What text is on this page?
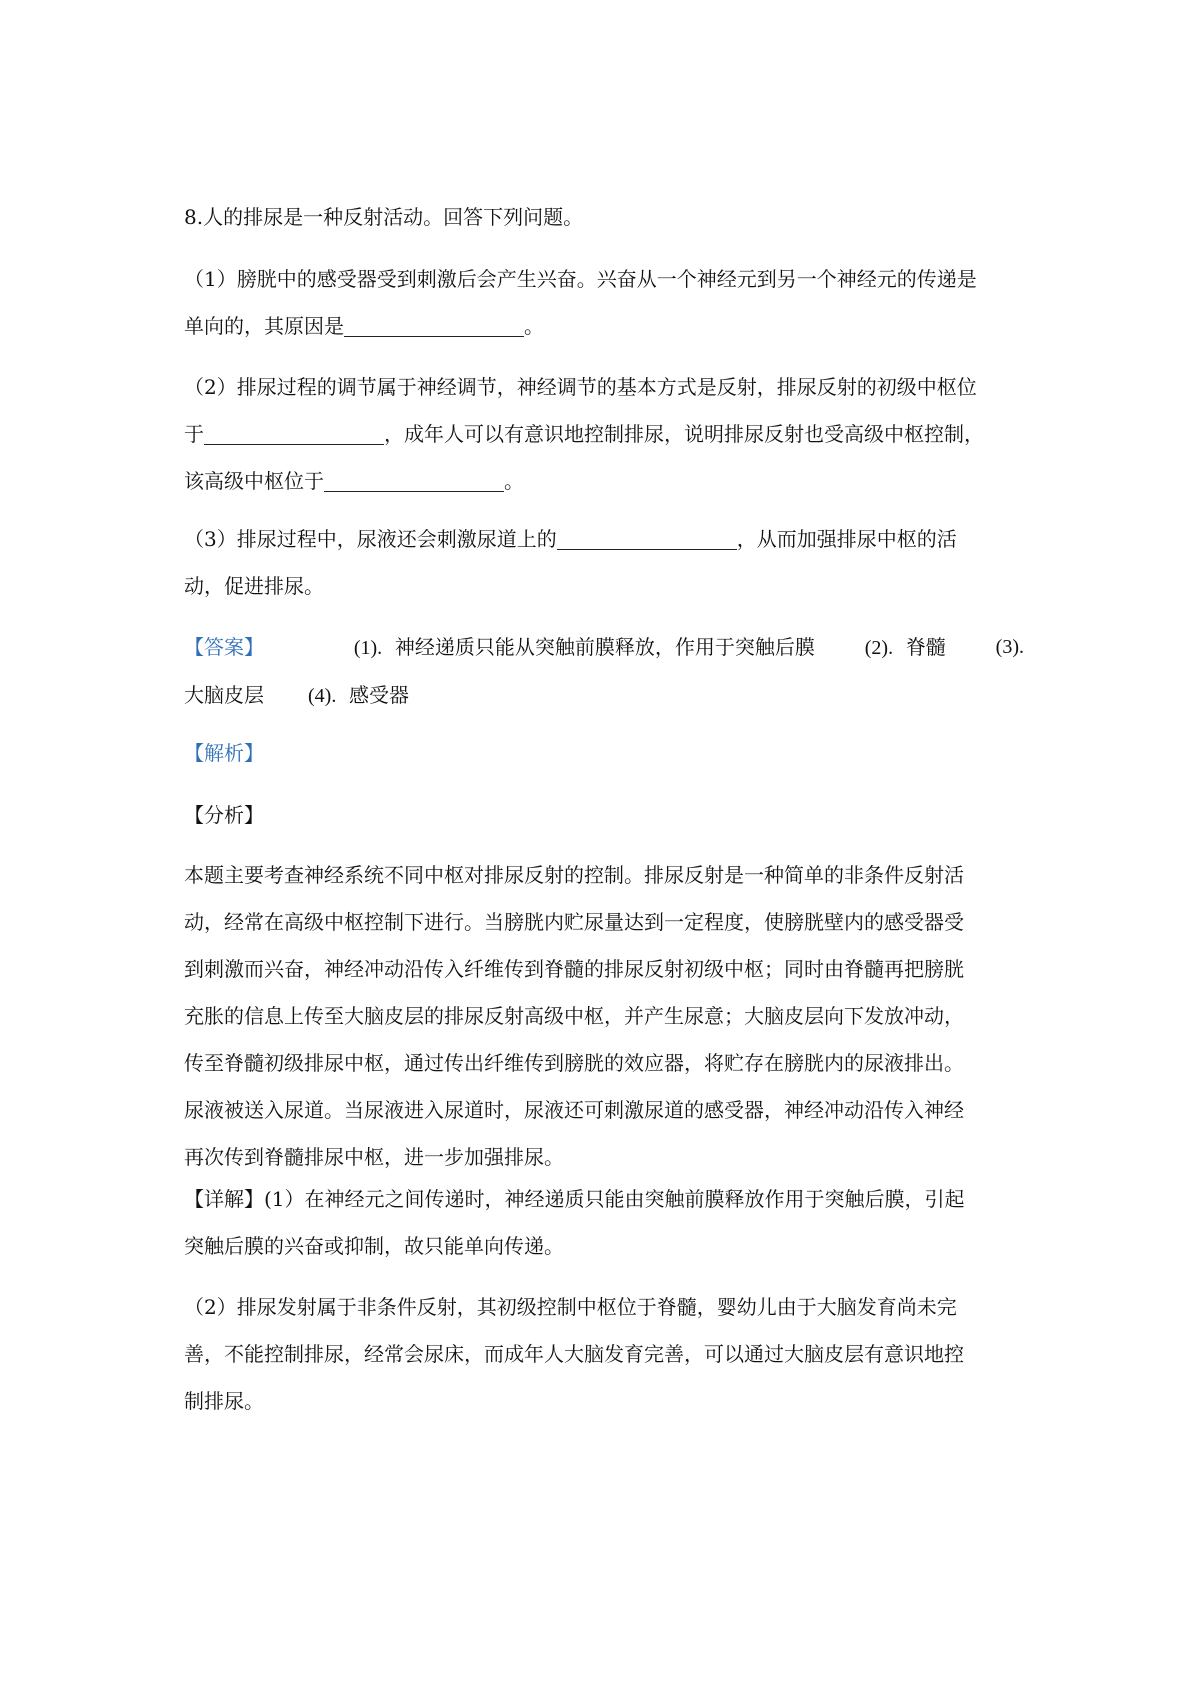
8.人的排尿是一种反射活动。回答下列问题。
（1）膀胱中的感受器受到刺激后会产生兴奋。兴奋从一个神经元到另一个神经元的传递是
单向的，其原因是	。
（2）排尿过程的调节属于神经调节，神经调节的基本方式是反射，排尿反射的初级中枢位
于	，成年人可以有意识地控制排尿，说明排尿反射也受高级中枢控制，
该高级中枢位于	。
（3）排尿过程中，尿液还会刺激尿道上的	，从而加强排尿中枢的活
动，促进排尿。
【答案】	(1). 神经递质只能从突触前膜释放，作用于突触后膜 (2). 脊髓 (3).
大脑皮层 (4). 感受器
【解析】
【分析】
本题主要考查神经系统不同中枢对排尿反射的控制。排尿反射是一种简单的非条件反射活
动，经常在高级中枢控制下进行。当膀胱内贮尿量达到一定程度，使膀胱壁内的感受器受
到刺激而兴奋，神经冲动沿传入纤维传到脊髓的排尿反射初级中枢；同时由脊髓再把膀胱
充胀的信息上传至大脑皮层的排尿反射高级中枢，并产生尿意；大脑皮层向下发放冲动，
传至脊髓初级排尿中枢，通过传出纤维传到膀胱的效应器，将贮存在膀胱内的尿液排出。
尿液被送入尿道。当尿液进入尿道时，尿液还可刺激尿道的感受器，神经冲动沿传入神经
再次传到脊髓排尿中枢，进一步加强排尿。
【详解】(1）在神经元之间传递时，神经递质只能由突触前膜释放作用于突触后膜，引起
突触后膜的兴奋或抑制，故只能单向传递。
（2）排尿发射属于非条件反射，其初级控制中枢位于脊髓，婴幼儿由于大脑发育尚未完
善，不能控制排尿，经常会尿床，而成年人大脑发育完善，可以通过大脑皮层有意识地控
制排尿。
